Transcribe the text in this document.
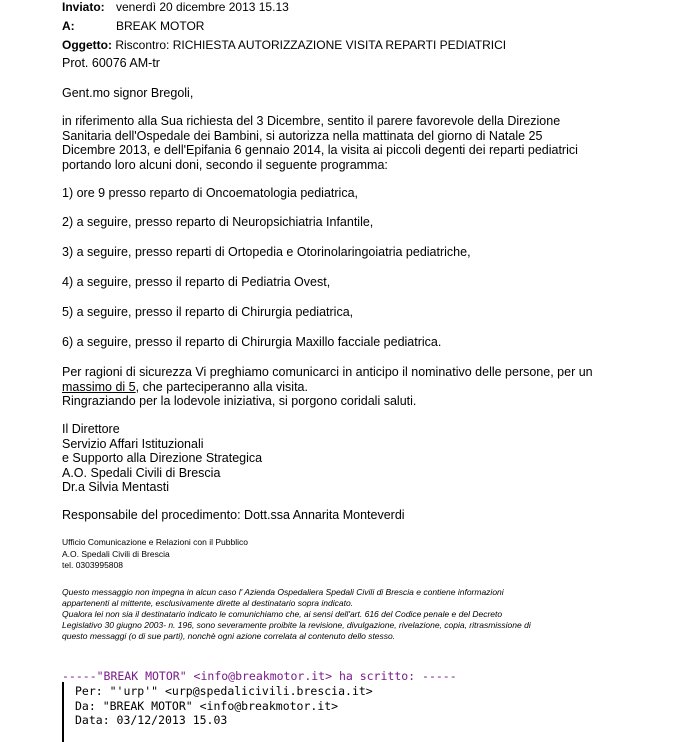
Inviato: venerdì 20 dicembre 2013 15.13
A:	BREAK MOTOR
Oggetto: Riscontro: RICHIESTA AUTORIZZAZIONE VISITA REPARTI PEDIATRICI
Prot. 60076 AM-tr
Gent.mo signor Bregoli,
in riferimento alla Sua richiesta del 3 Dicembre, sentito il parere favorevole della Direzione
Sanitaria dell'Ospedale dei Bambini, si autorizza nella mattinata del giorno di Natale 25
Dicembre 2013, e dell'Epifania 6 gennaio 2014, la visita ai piccoli degenti dei reparti pediatrici
portando loro alcuni doni, secondo il seguente programma:
1) ore 9 presso reparto di Oncoematologia pediatrica,
2) a seguire, presso reparto di Neuropsichiatria Infantile,
3) a seguire, presso reparti di Ortopedia e Otorinolaringoiatria pediatriche,
4) a seguire, presso il reparto di Pediatria Ovest,
5) a seguire, presso il reparto di Chirurgia pediatrica,
6) a seguire, presso il reparto di Chirurgia Maxillo facciale pediatrica.
Per ragioni di sicurezza Vi preghiamo comunicarci in anticipo il nominativo delle persone, per un
massimo di 5, che parteciperanno alla visita.
Ringraziando per la lodevole iniziativa, si porgono coridali saluti.
Il Direttore
Servizio Affari Istituzionali
e Supporto alla Direzione Strategica
A.O. Spedali Civili di Brescia
Dr.a Silvia Mentasti
Responsabile del procedimento: Dott.ssa Annarita Monteverdi
Ufficio Comunicazione e Relazioni con il Pubblico
A.O. Spedali Civili di Brescia
tel. 0303995808
Questo messaggio non impegna in alcun caso l' Azienda Ospedaliera Spedali Civili di Brescia e contiene informazioni
appartenenti al mittente, esclusivamente dirette al destinatario sopra indicato.
Qualora lei non sia il destinatario indicato le comunichiamo che, ai sensi dell'art. 616 del Codice penale e del Decreto
Legislativo 30 giugno 2003- n. 196, sono severamente proibite la revisione, divulgazione, rivelazione, copia, ritrasmissione di
questo messaggi (o di sue parti), nonchè ogni azione correlata al contenuto dello stesso.
-----"BREAK MOTOR" <info@breakmotor.it> ha scritto: -----
Per: "'urp'" <urp@spedalicivili.brescia.it>
Da: "BREAK MOTOR" <info@breakmotor.it>
Data: 03/12/2013 15.03
